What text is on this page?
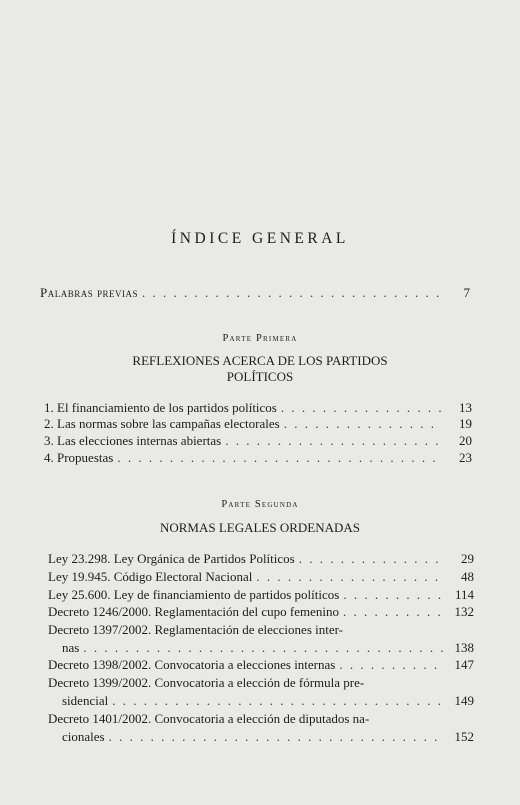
ÍNDICE GENERAL
Palabras previas . . .	7
Parte Primera
REFLEXIONES ACERCA DE LOS PARTIDOS
POLÍTICOS
1. El financiamiento de los partidos políticos . . .	13
2. Las normas sobre las campañas electorales . . .	19
3. Las elecciones internas abiertas . . .	20
4. Propuestas . . .	23
Parte Segunda
NORMAS LEGALES ORDENADAS
Ley 23.298. Ley Orgánica de Partidos Políticos . . .	29
Ley 19.945. Código Electoral Nacional . . .	48
Ley 25.600. Ley de financiamiento de partidos políticos . . .	114
Decreto 1246/2000. Reglamentación del cupo femenino . . .	132
Decreto 1397/2002. Reglamentación de elecciones inter-
nas . . .	138
Decreto 1398/2002. Convocatoria a elecciones internas . . .	147
Decreto 1399/2002. Convocatoria a elección de fórmula pre-
sidencial . . .	149
Decreto 1401/2002. Convocatoria a elección de diputados na-
cionales . . .	152
